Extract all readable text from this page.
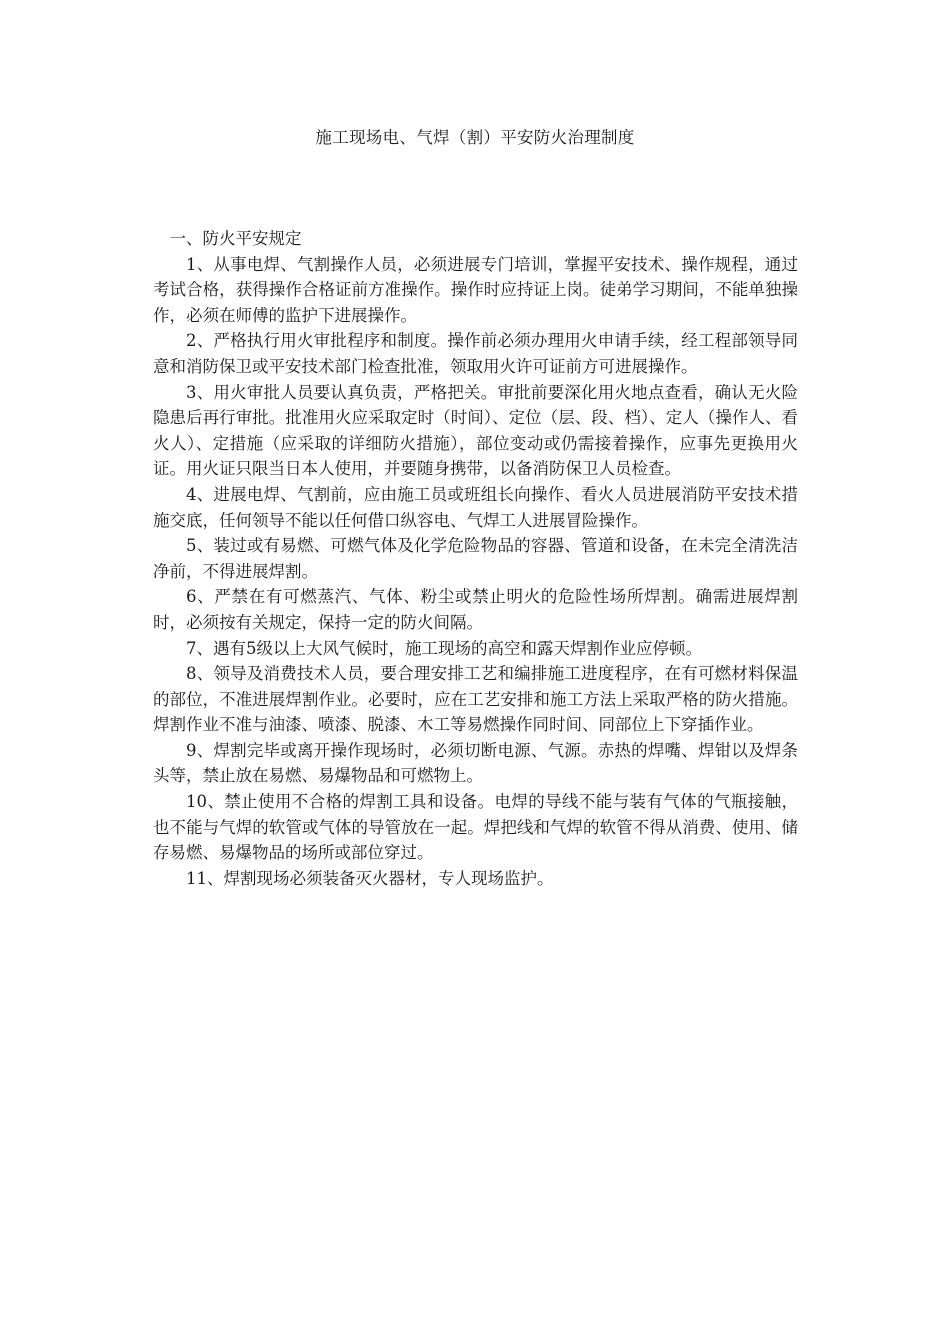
施工现场电、气焊（割）平安防火治理制度

一、防火平安规定

1、从事电焊、气割操作人员，必须进展专门培训，掌握平安技术、操作规程，通过考试合格，获得操作合格证前方准操作。操作时应持证上岗。徒弟学习期间，不能单独操作，必须在师傅的监护下进展操作。

2、严格执行用火审批程序和制度。操作前必须办理用火申请手续，经工程部领导同意和消防保卫或平安技术部门检查批准，领取用火许可证前方可进展操作。

3、用火审批人员要认真负责，严格把关。审批前要深化用火地点查看，确认无火险隐患后再行审批。批准用火应采取定时（时间）、定位（层、段、档）、定人（操作人、看火人）、定措施（应采取的详细防火措施），部位变动或仍需接着操作，应事先更换用火证。用火证只限当日本人使用，并要随身携带，以备消防保卫人员检查。

4、进展电焊、气割前，应由施工员或班组长向操作、看火人员进展消防平安技术措施交底，任何领导不能以任何借口纵容电、气焊工人进展冒险操作。

5、装过或有易燃、可燃气体及化学危险物品的容器、管道和设备，在未完全清洗洁净前，不得进展焊割。

6、严禁在有可燃蒸汽、气体、粉尘或禁止明火的危险性场所焊割。确需进展焊割时，必须按有关规定，保持一定的防火间隔。

7、遇有5级以上大风气候时，施工现场的高空和露天焊割作业应停顿。

8、领导及消费技术人员，要合理安排工艺和编排施工进度程序，在有可燃材料保温的部位，不准进展焊割作业。必要时，应在工艺安排和施工方法上采取严格的防火措施。焊割作业不准与油漆、喷漆、脱漆、木工等易燃操作同时间、同部位上下穿插作业。

9、焊割完毕或离开操作现场时，必须切断电源、气源。赤热的焊嘴、焊钳以及焊条头等，禁止放在易燃、易爆物品和可燃物上。

10、禁止使用不合格的焊割工具和设备。电焊的导线不能与装有气体的气瓶接触，也不能与气焊的软管或气体的导管放在一起。焊把线和气焊的软管不得从消费、使用、储存易燃、易爆物品的场所或部位穿过。

11、焊割现场必须装备灭火器材，专人现场监护。
